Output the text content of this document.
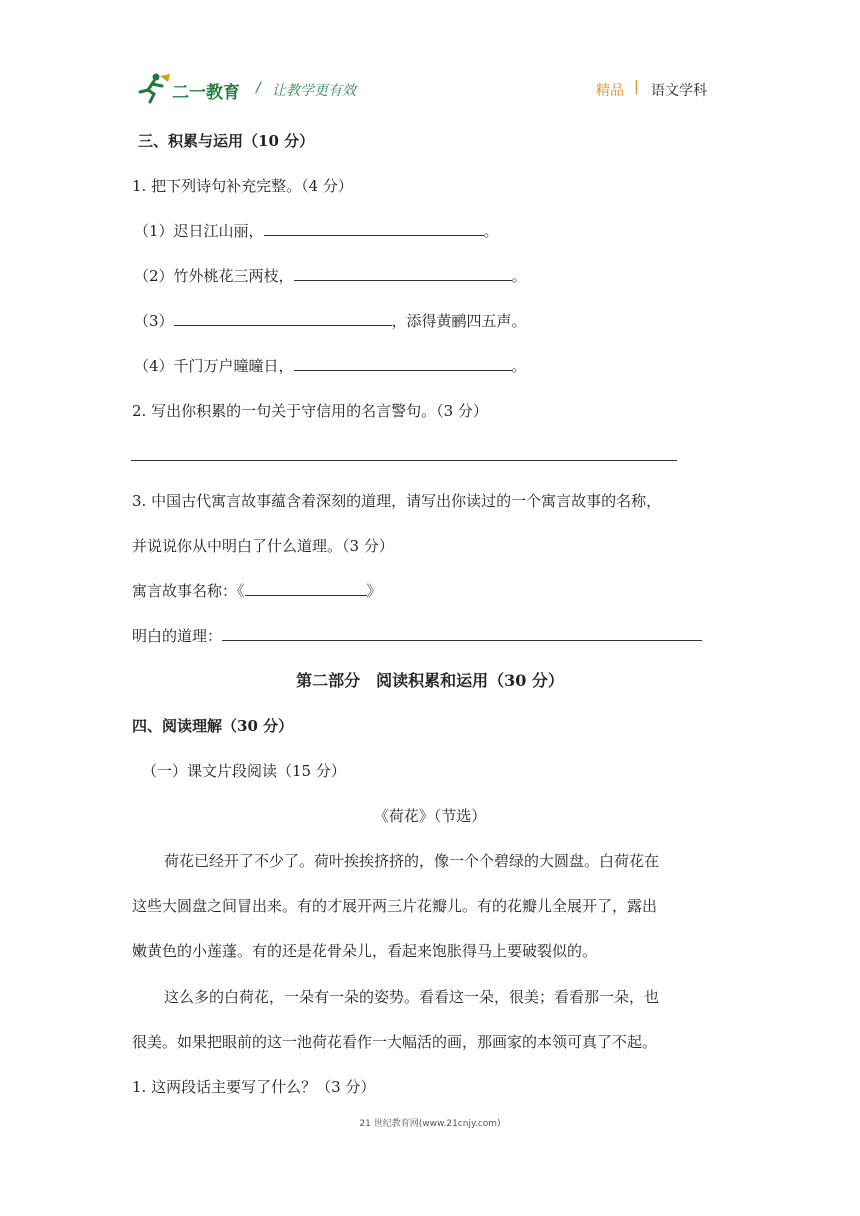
二一教育 / 让教学更有效	精品 | 语文学科
三、积累与运用（10 分）
1. 把下列诗句补充完整。（4 分）
（1）迟日江山丽，	。
（2）竹外桃花三两枝，	。
（3）	，添得黄鹂四五声。
（4）千门万户曈曈日，	。
2. 写出你积累的一句关于守信用的名言警句。（3 分）
3. 中国古代寓言故事蕴含着深刻的道理，请写出你读过的一个寓言故事的名称，
并说说你从中明白了什么道理。（3 分）
寓言故事名称：《	》
明白的道理：
第二部分　阅读积累和运用（30 分）
四、阅读理解（30 分）
（一）课文片段阅读（15 分）
《荷花》（节选）
荷花已经开了不少了。荷叶挨挨挤挤的，像一个个碧绿的大圆盘。白荷花在
这些大圆盘之间冒出来。有的才展开两三片花瓣儿。有的花瓣儿全展开了，露出
嫩黄色的小莲蓬。有的还是花骨朵儿，看起来饱胀得马上要破裂似的。
这么多的白荷花，一朵有一朵的姿势。看看这一朵，很美；看看那一朵，也
很美。如果把眼前的这一池荷花看作一大幅活的画，那画家的本领可真了不起。
1. 这两段话主要写了什么？（3 分）
21 世纪教育网(www.21cnjy.com)
